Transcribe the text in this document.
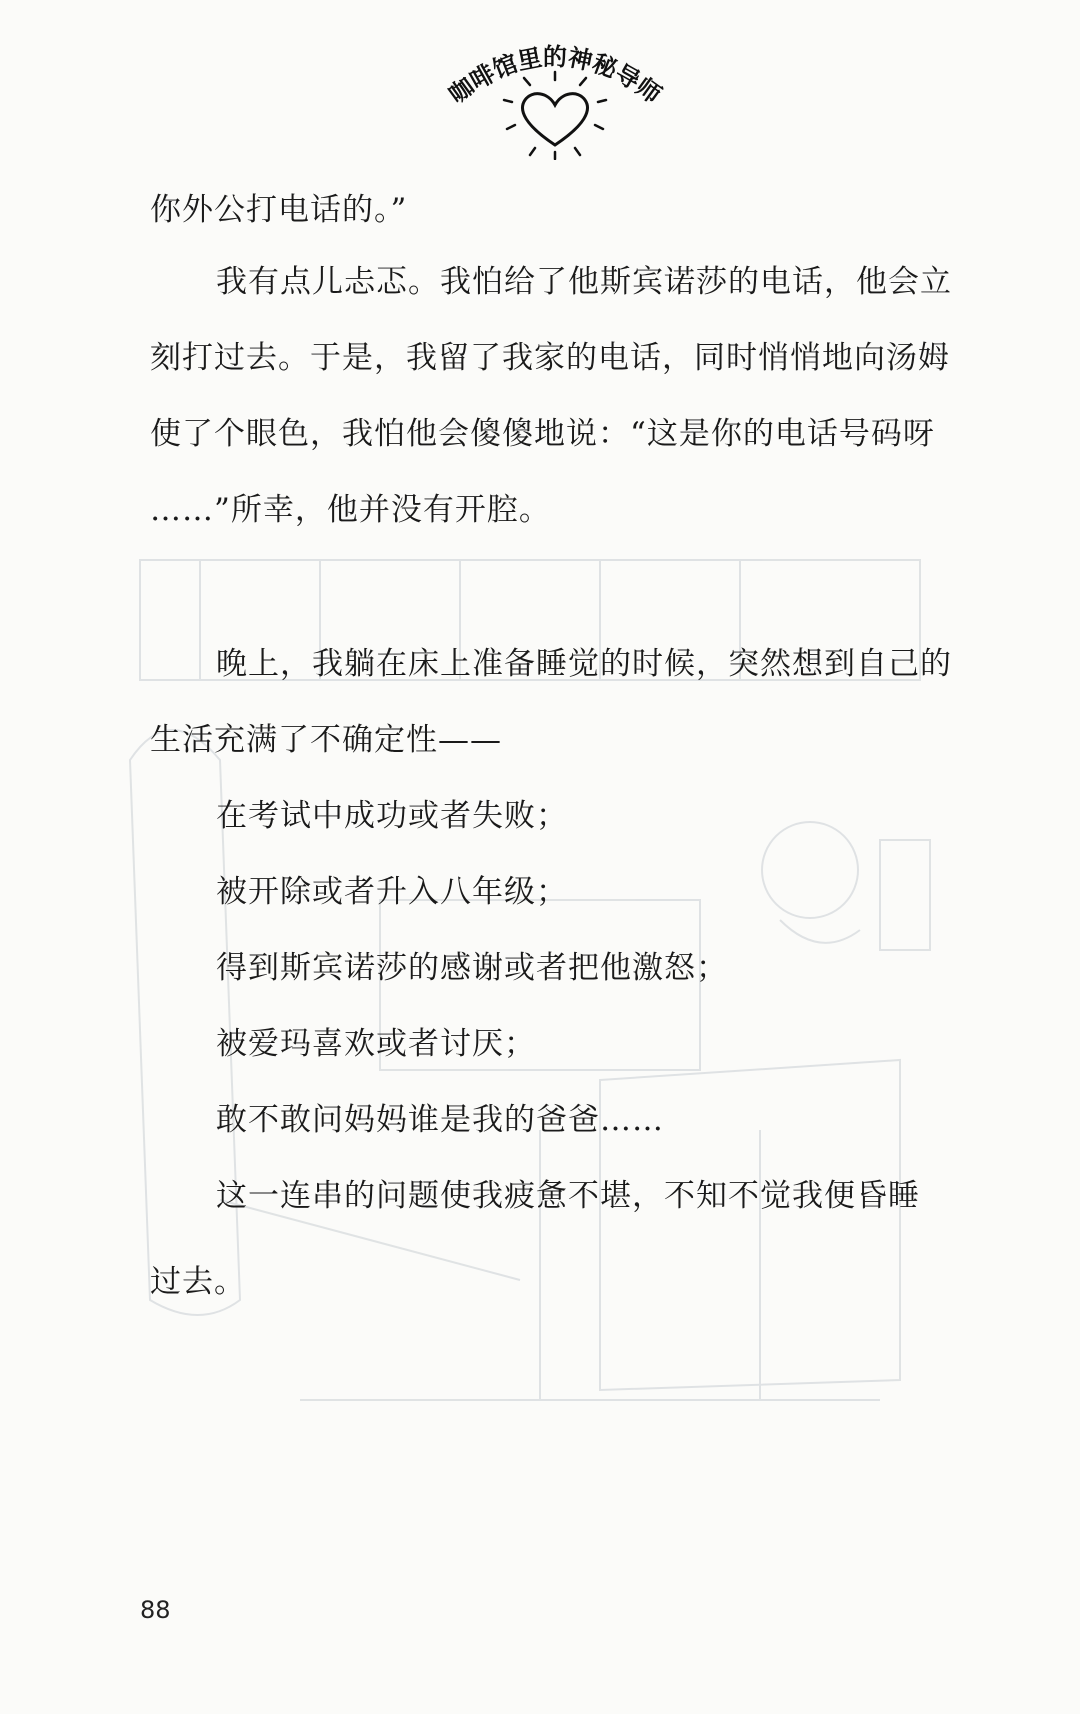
咖啡馆里的神秘导师
你外公打电话的。”
我有点儿忐忑。我怕给了他斯宾诺莎的电话，他会立
刻打过去。于是，我留了我家的电话，同时悄悄地向汤姆
使了个眼色，我怕他会傻傻地说：“这是你的电话号码呀
……”所幸，他并没有开腔。
晚上，我躺在床上准备睡觉的时候，突然想到自己的
生活充满了不确定性——
在考试中成功或者失败；
被开除或者升入八年级；
得到斯宾诺莎的感谢或者把他激怒；
被爱玛喜欢或者讨厌；
敢不敢问妈妈谁是我的爸爸……
这一连串的问题使我疲惫不堪，不知不觉我便昏睡
过去。
88
